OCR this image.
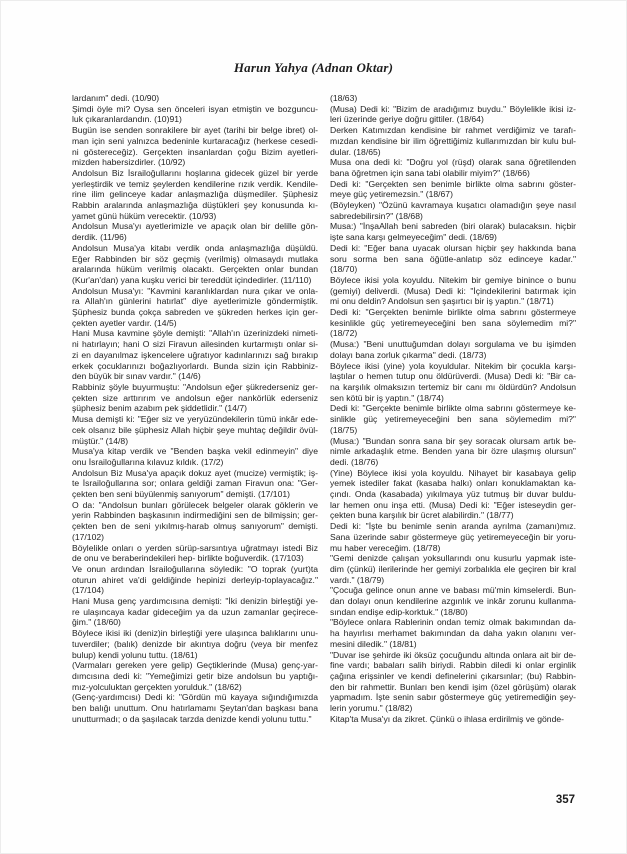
Harun Yahya (Adnan Oktar)
lardanım" dedi. (10/90)
Şimdi öyle mi? Oysa sen önceleri isyan etmiştin ve bozguncu-
luk çıkaranlardandın. (10)91)
Bugün ise senden sonrakilere bir ayet (tarihi bir belge ibret) ol-
man için seni yalnızca bedeninle kurtaracağız (herkese cesedi-
ni göstereceğiz). Gerçekten insanlardan çoğu Bizim ayetleri-
mizden habersizdirler. (10/92)
Andolsun Biz İsrailoğullarını hoşlarına gidecek güzel bir yerde
yerleştirdik ve temiz şeylerden kendilerine rızık verdik. Kendile-
rine ilim gelinceye kadar anlaşmazlığa düşmediler. Şüphesiz
Rabbin aralarında anlaşmazlığa düştükleri şey konusunda kı-
yamet günü hüküm verecektir. (10/93)
Andolsun Musa'yı ayetlerimizle ve apaçık olan bir delille gön-
derdik. (11/96)
Andolsun Musa'ya kitabı verdik onda anlaşmazlığa düşüldü.
Eğer Rabbinden bir söz geçmiş (verilmiş) olmasaydı mutlaka
aralarında hüküm verilmiş olacaktı. Gerçekten onlar bundan
(Kur'an'dan) yana kuşku verici bir tereddüt içindedirler. (11/110)
Andolsun Musa'yı: "Kavmini karanlıklardan nura çıkar ve onla-
ra Allah'ın günlerini hatırlat" diye ayetlerimizle göndermiştik.
Şüphesiz bunda çokça sabreden ve şükreden herkes için ger-
çekten ayetler vardır. (14/5)
Hani Musa kavmine şöyle demişti: "Allah'ın üzerinizdeki nimeti-
ni hatırlayın; hani O sizi Firavun ailesinden kurtarmıştı onlar si-
zi en dayanılmaz işkencelere uğratıyor kadınlarınızı sağ bırakıp
erkek çocuklarınızı boğazlıyorlardı. Bunda sizin için Rabbiniz-
den büyük bir sınav vardır." (14/6)
Rabbiniz şöyle buyurmuştu: "Andolsun eğer şükrederseniz ger-
çekten size arttırırım ve andolsun eğer nankörlük ederseniz
şüphesiz benim azabım pek şiddetlidir." (14/7)
Musa demişti ki: "Eğer siz ve yeryüzündekilerin tümü inkâr ede-
cek olsanız bile şüphesiz Allah hiçbir şeye muhtaç değildir övül-
müştür." (14/8)
Musa'ya kitap verdik ve "Benden başka vekil edinmeyin" diye
onu İsrailoğullarına kılavuz kıldık. (17/2)
Andolsun Biz Musa'ya apaçık dokuz ayet (mucize) vermiştik; iş-
te İsrailoğullarına sor; onlara geldiği zaman Firavun ona: "Ger-
çekten ben seni büyülenmiş sanıyorum" demişti. (17/101)
O da: "Andolsun bunları görülecek belgeler olarak göklerin ve
yerin Rabbinden başkasının indirmediğini sen de bilmişsin; ger-
çekten ben de seni yıkılmış-harab olmuş sanıyorum" demişti.
(17/102)
Böylelikle onları o yerden sürüp-sarsıntıya uğratmayı istedi Biz
de onu ve beraberindekileri hep- birlikte boğuverdik. (17/103)
Ve onun ardından İsrailoğullarına söyledik: "O toprak (yurt)ta
oturun ahiret va'di geldiğinde hepinizi derleyip-toplayacağız."
(17/104)
Hani Musa genç yardımcısına demişti: "İki denizin birleştiği ye-
re ulaşıncaya kadar gideceğim ya da uzun zamanlar geçirece-
ğim." (18/60)
Böylece ikisi iki (deniz)in birleştiği yere ulaşınca balıklarını unu-
tuverdiler; (balık) denizde bir akıntıya doğru (veya bir menfez
bulup) kendi yolunu tuttu. (18/61)
(Varmaları gereken yere gelip) Geçtiklerinde (Musa) genç-yar-
dımcısına dedi ki: "Yemeğimizi getir bize andolsun bu yaptığı-
mız-yolculuktan gerçekten yorulduk." (18/62)
(Genç-yardımcısı) Dedi ki: "Gördün mü kayaya sığındığımızda
ben balığı unuttum. Onu hatırlamamı Şeytan'dan başkası bana
unutturmadı; o da şaşılacak tarzda denizde kendi yolunu tuttu."
(18/63)
(Musa) Dedi ki: "Bizim de aradığımız buydu." Böylelikle ikisi iz-
leri üzerinde geriye doğru gittiler. (18/64)
Derken Katımızdan kendisine bir rahmet verdiğimiz ve tarafı-
mızdan kendisine bir ilim öğrettiğimiz kullarımızdan bir kulu bul-
dular. (18/65)
Musa ona dedi ki: "Doğru yol (rüşd) olarak sana öğretilenden
bana öğretmen için sana tabi olabilir miyim?" (18/66)
Dedi ki: "Gerçekten sen benimle birlikte olma sabrını göster-
meye güç yetiremezsin." (18/67)
(Böyleyken) "Özünü kavramaya kuşatıcı olamadığın şeye nasıl
sabredebilirsin?" (18/68)
Musa:) "İnşaAllah beni sabreden (biri olarak) bulacaksın. hiçbir
işte sana karşı gelmeyeceğim" dedi. (18/69)
Dedi ki: "Eğer bana uyacak olursan hiçbir şey hakkında bana
soru sorma ben sana öğütle-anlatıp söz edinceye kadar."
(18/70)
Böylece ikisi yola koyuldu. Nitekim bir gemiye binince o bunu
(gemiyi) deliverdi. (Musa) Dedi ki: "İçindekilerini batırmak için
mi onu deldin? Andolsun sen şaşırtıcı bir iş yaptın." (18/71)
Dedi ki: "Gerçekten benimle birlikte olma sabrını göstermeye
kesinlikle güç yetiremeyeceğini ben sana söylemedim mi?"
(18/72)
(Musa:) "Beni unuttuğumdan dolayı sorgulama ve bu işimden
dolayı bana zorluk çıkarma" dedi. (18/73)
Böylece ikisi (yine) yola koyuldular. Nitekim bir çocukla karşı-
laştılar o hemen tutup onu öldürüverdi. (Musa) Dedi ki: "Bir ca-
na karşılık olmaksızın tertemiz bir canı mı öldürdün? Andolsun
sen kötü bir iş yaptın." (18/74)
Dedi ki: "Gerçekte benimle birlikte olma sabrını göstermeye ke-
sinlikle güç yetiremeyeceğini ben sana söylemedim mi?"
(18/75)
(Musa:) "Bundan sonra sana bir şey soracak olursam artık be-
nimle arkadaşlık etme. Benden yana bir özre ulaşmış olursun"
dedi. (18/76)
(Yine) Böylece ikisi yola koyuldu. Nihayet bir kasabaya gelip
yemek istediler fakat (kasaba halkı) onları konuklamaktan ka-
çındı. Onda (kasabada) yıkılmaya yüz tutmuş bir duvar buldu-
lar hemen onu inşa etti. (Musa) Dedi ki: "Eğer isteseydin ger-
çekten buna karşılık bir ücret alabilirdin." (18/77)
Dedi ki: "İşte bu benimle senin aranda ayrılma (zamanı)mız.
Sana üzerinde sabır göstermeye güç yetiremeyeceğin bir yoru-
mu haber vereceğim. (18/78)
"Gemi denizde çalışan yoksullarındı onu kusurlu yapmak iste-
dim (çünkü) ilerilerinde her gemiyi zorbalıkla ele geçiren bir kral
vardı." (18/79)
"Çocuğa gelince onun anne ve babası mü'min kimselerdi. Bun-
dan dolayı onun kendilerine azgınlık ve inkâr zorunu kullanma-
sından endişe edip-korktuk." (18/80)
"Böylece onlara Rablerinin ondan temiz olmak bakımından da-
ha hayırlısı merhamet bakımından da daha yakın olanını ver-
mesini diledik." (18/81)
"Duvar ise şehirde iki öksüz çocuğundu altında onlara ait bir de-
fine vardı; babaları salih biriydi. Rabbin diledi ki onlar erginlik
çağına erişsinler ve kendi definelerini çıkarsınlar; (bu) Rabbin-
den bir rahmettir. Bunları ben kendi işim (özel görüşüm) olarak
yapmadım. İşte senin sabır göstermeye güç yetiremediğin şey-
lerin yorumu." (18/82)
Kitap'ta Musa'yı da zikret. Çünkü o ihlasa erdirilmiş ve gönde-
357
